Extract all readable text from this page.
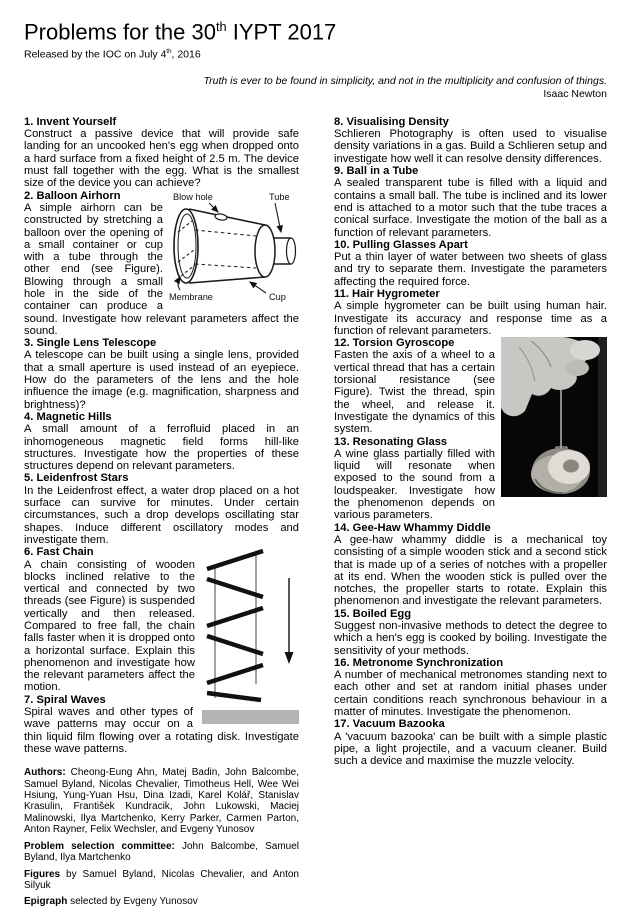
Problems for the 30th IYPT 2017
Released by the IOC on July 4th, 2016
Truth is ever to be found in simplicity, and not in the multiplicity and confusion of things.
Isaac Newton
1. Invent Yourself

Construct a passive device that will provide safe landing for an uncooked hen's egg when dropped onto a hard surface from a fixed height of 2.5 m. The device must fall together with the egg. What is the smallest size of the device you can achieve?

Blow hole	Tube
Membrane	Cup
2. Balloon Airhorn

A simple airhorn can be constructed by stretching a balloon over the opening of a small container or cup with a tube through the other end (see Figure). Blowing through a small hole in the side of the container can produce a sound. Investigate how relevant parameters affect the sound.

3. Single Lens Telescope

A telescope can be built using a single lens, provided that a small aperture is used instead of an eyepiece. How do the parameters of the lens and the hole influence the image (e.g. magnification, sharpness and brightness)?

4. Magnetic Hills

A small amount of a ferrofluid placed in an inhomogeneous magnetic field forms hill-like structures. Investigate how the properties of these structures depend on relevant parameters.

5. Leidenfrost Stars

In the Leidenfrost effect, a water drop placed on a hot surface can survive for minutes. Under certain circumstances, such a drop develops oscillating star shapes. Induce different oscillatory modes and investigate them.

6. Fast Chain

A chain consisting of wooden blocks inclined relative to the vertical and connected by two threads (see Figure) is suspended vertically and then released. Compared to free fall, the chain falls faster when it is dropped onto a horizontal surface. Explain this phenomenon and investigate how the relevant parameters affect the motion.

7. Spiral Waves

Spiral waves and other types of wave patterns may occur on a thin liquid film flowing over a rotating disk. Investigate these wave patterns.

Authors: Cheong-Eung Ahn, Matej Badin, John Balcombe, Samuel Byland, Nicolas Chevalier, Timotheus Hell, Wee Wei Hsiung, Yung-Yuan Hsu, Dina Izadi, Karel Kolář, Stanislav Krasulin, František Kundracik, John Lukowski, Maciej Malinowski, Ilya Martchenko, Kerry Parker, Carmen Parton, Anton Rayner, Felix Wechsler, and Evgeny Yunosov

Problem selection committee: John Balcombe, Samuel Byland, Ilya Martchenko

Figures by Samuel Byland, Nicolas Chevalier, and Anton Silyuk

Epigraph selected by Evgeny Yunosov

8. Visualising Density

Schlieren Photography is often used to visualise density variations in a gas. Build a Schlieren setup and investigate how well it can resolve density differences.

9. Ball in a Tube

A sealed transparent tube is filled with a liquid and contains a small ball. The tube is inclined and its lower end is attached to a motor such that the tube traces a conical surface. Investigate the motion of the ball as a function of relevant parameters.

10. Pulling Glasses Apart

Put a thin layer of water between two sheets of glass and try to separate them. Investigate the parameters affecting the required force.

11. Hair Hygrometer

A simple hygrometer can be built using human hair. Investigate its accuracy and response time as a function of relevant parameters.

12. Torsion Gyroscope

Fasten the axis of a wheel to a vertical thread that has a certain torsional resistance (see Figure). Twist the thread, spin the wheel, and release it. Investigate the dynamics of this system.

13. Resonating Glass

A wine glass partially filled with liquid will resonate when exposed to the sound from a loudspeaker. Investigate how the phenomenon depends on various parameters.

14. Gee-Haw Whammy Diddle

A gee-haw whammy diddle is a mechanical toy consisting of a simple wooden stick and a second stick that is made up of a series of notches with a propeller at its end. When the wooden stick is pulled over the notches, the propeller starts to rotate. Explain this phenomenon and investigate the relevant parameters.

15. Boiled Egg

Suggest non-invasive methods to detect the degree to which a hen's egg is cooked by boiling. Investigate the sensitivity of your methods.

16. Metronome Synchronization

A number of mechanical metronomes standing next to each other and set at random initial phases under certain conditions reach synchronous behaviour in a matter of minutes. Investigate the phenomenon.

17. Vacuum Bazooka

A 'vacuum bazooka' can be built with a simple plastic pipe, a light projectile, and a vacuum cleaner. Build such a device and maximise the muzzle velocity.
